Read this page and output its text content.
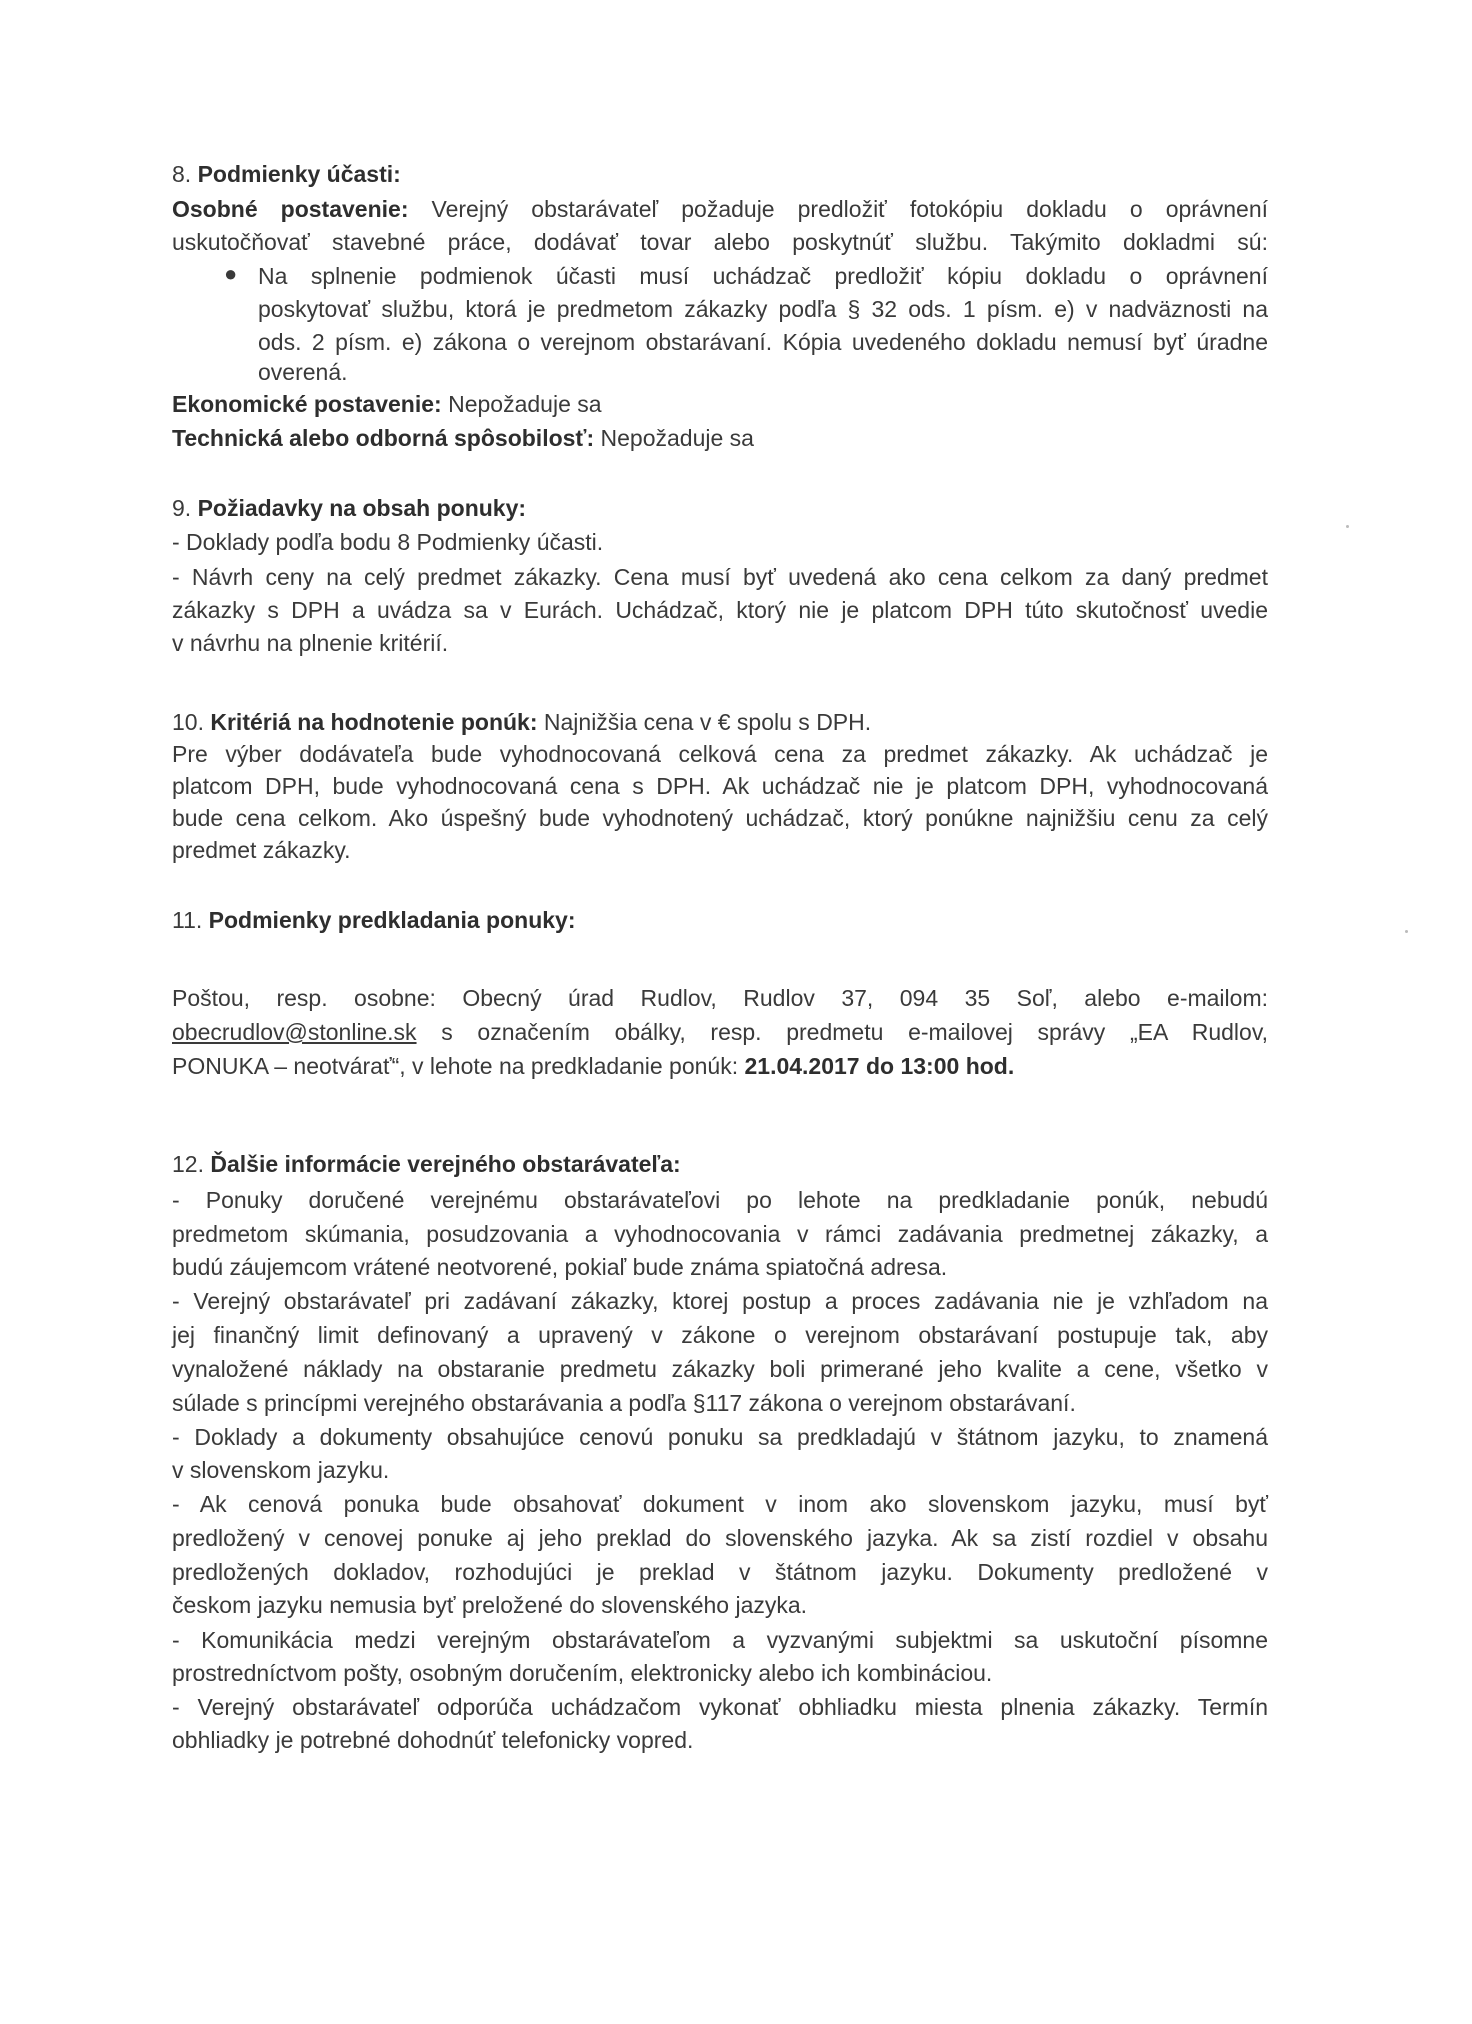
8. Podmienky účasti:
Osobné postavenie: Verejný obstarávateľ požaduje predložiť fotokópiu dokladu o oprávnení
uskutočňovať stavebné práce, dodávať tovar alebo poskytnúť službu. Takýmito dokladmi sú:
● Na splnenie podmienok účasti musí uchádzač predložiť kópiu dokladu o oprávnení
poskytovať službu, ktorá je predmetom zákazky podľa § 32 ods. 1 písm. e) v nadväznosti na
ods. 2 písm. e) zákona o verejnom obstarávaní. Kópia uvedeného dokladu nemusí byť úradne
overená.
Ekonomické postavenie: Nepožaduje sa
Technická alebo odborná spôsobilosť: Nepožaduje sa
9. Požiadavky na obsah ponuky:
- Doklady podľa bodu 8 Podmienky účasti.
- Návrh ceny na celý predmet zákazky. Cena musí byť uvedená ako cena celkom za daný predmet
zákazky s DPH a uvádza sa v Eurách. Uchádzač, ktorý nie je platcom DPH túto skutočnosť uvedie
v návrhu na plnenie kritérií.
10. Kritériá na hodnotenie ponúk: Najnižšia cena v € spolu s DPH.
Pre výber dodávateľa bude vyhodnocovaná celková cena za predmet zákazky. Ak uchádzač je
platcom DPH, bude vyhodnocovaná cena s DPH. Ak uchádzač nie je platcom DPH, vyhodnocovaná
bude cena celkom. Ako úspešný bude vyhodnotený uchádzač, ktorý ponúkne najnižšiu cenu za celý
predmet zákazky.
11. Podmienky predkladania ponuky:
Poštou, resp. osobne: Obecný úrad Rudlov, Rudlov 37, 094 35 Soľ, alebo e-mailom:
obecrudlov@stonline.sk s označením obálky, resp. predmetu e-mailovej správy „EA Rudlov,
PONUKA – neotvárať“, v lehote na predkladanie ponúk: 21.04.2017 do 13:00 hod.
12. Ďalšie informácie verejného obstarávateľa:
- Ponuky doručené verejnému obstarávateľovi po lehote na predkladanie ponúk, nebudú
predmetom skúmania, posudzovania a vyhodnocovania v rámci zadávania predmetnej zákazky, a
budú záujemcom vrátené neotvorené, pokiaľ bude známa spiatočná adresa.
- Verejný obstarávateľ pri zadávaní zákazky, ktorej postup a proces zadávania nie je vzhľadom na
jej finančný limit definovaný a upravený v zákone o verejnom obstarávaní postupuje tak, aby
vynaložené náklady na obstaranie predmetu zákazky boli primerané jeho kvalite a cene, všetko v
súlade s princípmi verejného obstarávania a podľa §117 zákona o verejnom obstarávaní.
- Doklady a dokumenty obsahujúce cenovú ponuku sa predkladajú v štátnom jazyku, to znamená
v slovenskom jazyku.
- Ak cenová ponuka bude obsahovať dokument v inom ako slovenskom jazyku, musí byť
predložený v cenovej ponuke aj jeho preklad do slovenského jazyka. Ak sa zistí rozdiel v obsahu
predložených dokladov, rozhodujúci je preklad v štátnom jazyku. Dokumenty predložené v
českom jazyku nemusia byť preložené do slovenského jazyka.
- Komunikácia medzi verejným obstarávateľom a vyzvanými subjektmi sa uskutoční písomne
prostredníctvom pošty, osobným doručením, elektronicky alebo ich kombináciou.
- Verejný obstarávateľ odporúča uchádzačom vykonať obhliadku miesta plnenia zákazky. Termín
obhliadky je potrebné dohodnúť telefonicky vopred.
